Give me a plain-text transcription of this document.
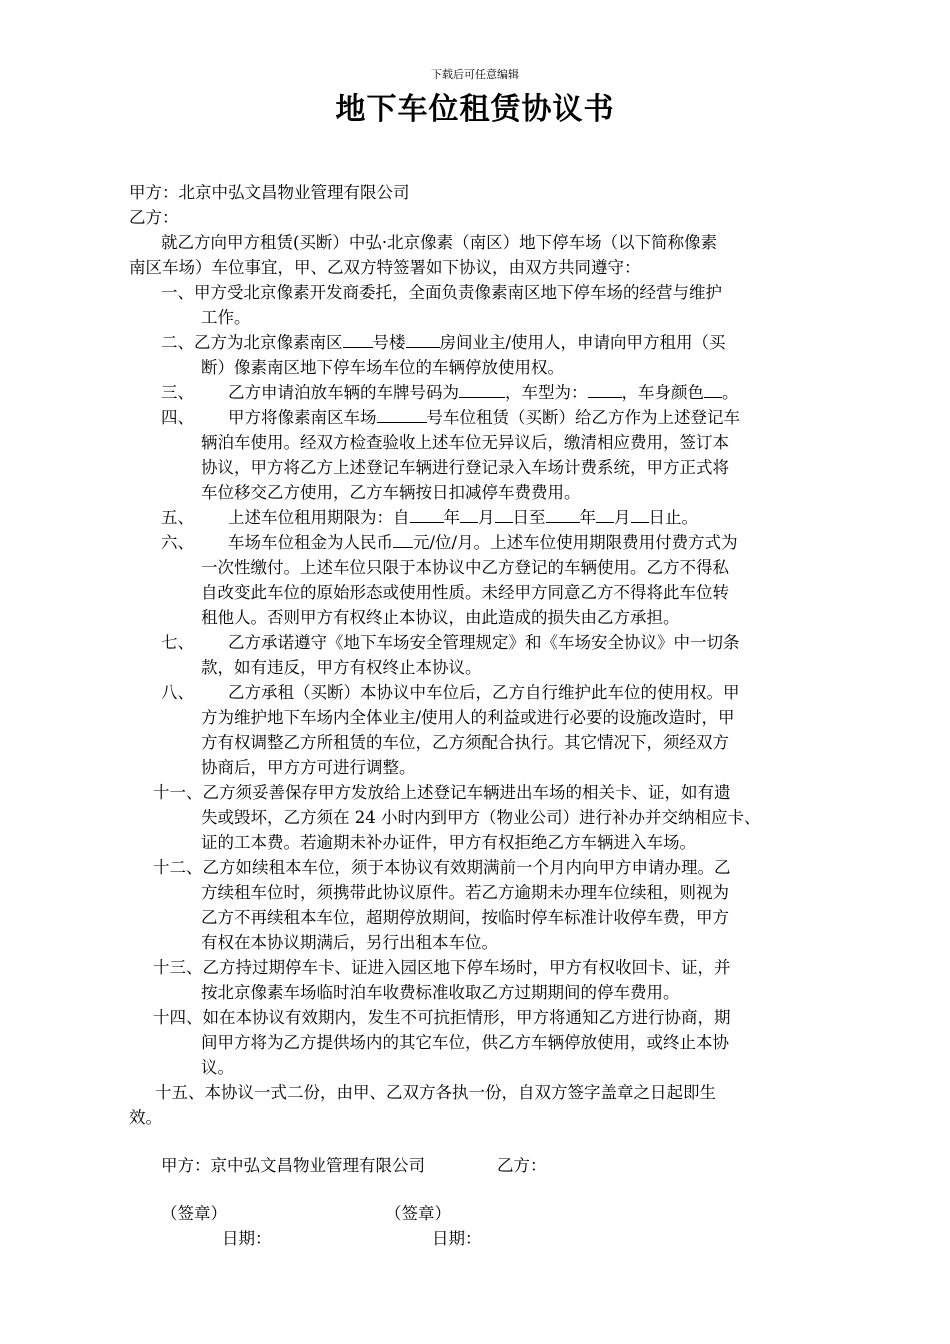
下载后可任意编辑
地下车位租赁协议书
甲方：北京中弘文昌物业管理有限公司
乙方：
就乙方向甲方租赁(买断）中弘·北京像素（南区）地下停车场（以下简称像素
南区车场）车位事宜，甲、乙双方特签署如下协议，由双方共同遵守：
一、甲方受北京像素开发商委托，全面负责像素南区地下停车场的经营与维护
工作。
二、乙方为北京像素南区 号楼 房间业主/使用人，申请向甲方租用（买
断）像素南区地下停车场车位的车辆停放使用权。
三、 乙方申请泊放车辆的车牌号码为	，车型为： ，车身颜色 。
四、 甲方将像素南区车场	号车位租赁（买断）给乙方作为上述登记车
辆泊车使用。经双方检查验收上述车位无异议后，缴清相应费用，签订本
协议，甲方将乙方上述登记车辆进行登记录入车场计费系统，甲方正式将
车位移交乙方使用，乙方车辆按日扣减停车费费用。
五、 上述车位租用期限为：自 年 月 日至 年 月 日止。
六、 车场车位租金为人民币 元/位/月。上述车位使用期限费用付费方式为
一次性缴付。上述车位只限于本协议中乙方登记的车辆使用。乙方不得私
自改变此车位的原始形态或使用性质。未经甲方同意乙方不得将此车位转
租他人。否则甲方有权终止本协议，由此造成的损失由乙方承担。
七、 乙方承诺遵守《地下车场安全管理规定》和《车场安全协议》中一切条
款，如有违反，甲方有权终止本协议。
八、 乙方承租（买断）本协议中车位后，乙方自行维护此车位的使用权。甲
方为维护地下车场内全体业主/使用人的利益或进行必要的设施改造时，甲
方有权调整乙方所租赁的车位，乙方须配合执行。其它情况下，须经双方
协商后，甲方方可进行调整。
十一、乙方须妥善保存甲方发放给上述登记车辆进出车场的相关卡、证，如有遗
失或毁坏，乙方须在 24 小时内到甲方（物业公司）进行补办并交纳相应卡、
证的工本费。若逾期未补办证件，甲方有权拒绝乙方车辆进入车场。
十二、乙方如续租本车位，须于本协议有效期满前一个月内向甲方申请办理。乙
方续租车位时，须携带此协议原件。若乙方逾期未办理车位续租，则视为
乙方不再续租本车位，超期停放期间，按临时停车标准计收停车费，甲方
有权在本协议期满后，另行出租本车位。
十三、乙方持过期停车卡、证进入园区地下停车场时，甲方有权收回卡、证，并
按北京像素车场临时泊车收费标准收取乙方过期期间的停车费用。
十四、如在本协议有效期内，发生不可抗拒情形，甲方将通知乙方进行协商，期
间甲方将为乙方提供场内的其它车位，供乙方车辆停放使用，或终止本协
议。
十五、本协议一式二份，由甲、乙双方各执一份，自双方签字盖章之日起即生
效。
甲方：京中弘文昌物业管理有限公司	乙方：
（签章）	（签章）
日期：	日期：
